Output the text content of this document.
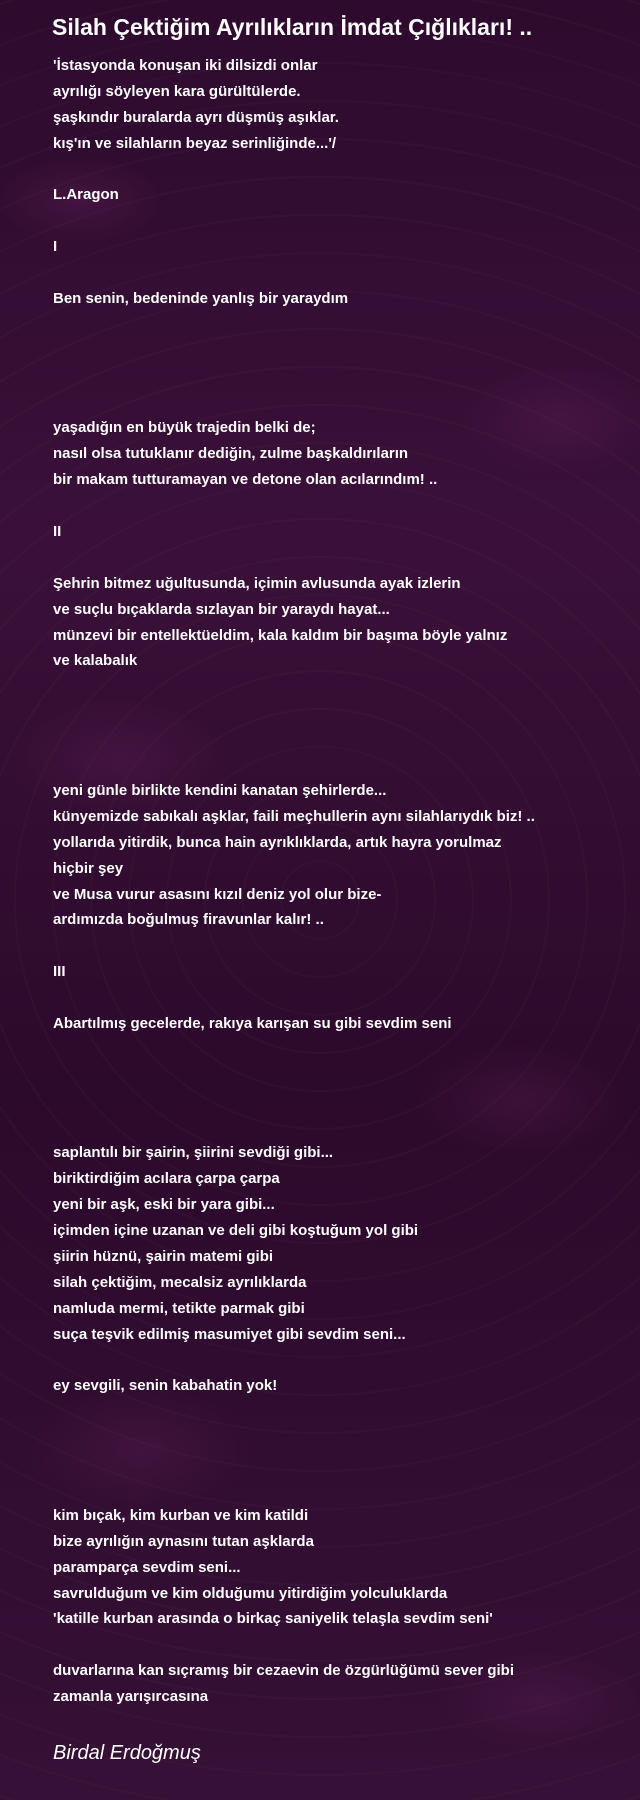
Silah Çektiğim Ayrılıkların İmdat Çığlıkları! ..
'İstasyonda konuşan iki dilsizdi onlar
ayrılığı söyleyen kara gürültülerde.
şaşkındır buralarda ayrı düşmüş aşıklar.
kış'ın ve silahların beyaz serinliğinde...'/
L.Aragon
I
Ben senin, bedeninde yanlış bir yaraydım
yaşadığın en büyük trajedin belki de;
nasıl olsa tutuklanır dediğin, zulme başkaldırıların
bir makam tutturamayan ve detone olan acılarındım! ..
II
Şehrin bitmez uğultusunda, içimin avlusunda ayak izlerin
ve suçlu bıçaklarda sızlayan bir yaraydı hayat...
münzevi bir entellektüeldim, kala kaldım bir başıma böyle yalnız
ve kalabalık
yeni günle birlikte kendini kanatan şehirlerde...
künyemizde sabıkalı aşklar, faili meçhullerin aynı silahlarıydık biz! ..
yollarıda yitirdik, bunca hain ayrıklıklarda, artık hayra yorulmaz
hiçbir şey
ve Musa vurur asasını kızıl deniz yol olur bize-
ardımızda boğulmuş firavunlar kalır! ..
III
Abartılmış gecelerde, rakıya karışan su gibi sevdim seni
saplantılı bir şairin, şiirini sevdiği gibi...
biriktirdiğim acılara çarpa çarpa
yeni bir aşk, eski bir yara gibi...
içimden içine uzanan ve deli gibi koştuğum yol gibi
şiirin hüznü, şairin matemi gibi
silah çektiğim, mecalsiz ayrılıklarda
namluda mermi, tetikte parmak gibi
suça teşvik edilmiş masumiyet gibi sevdim seni...
ey sevgili, senin kabahatin yok!
kim bıçak, kim kurban ve kim katildi
bize ayrılığın aynasını tutan aşklarda
paramparça sevdim seni...
savrulduğum ve kim olduğumu yitirdiğim yolculuklarda
'katille kurban arasında o birkaç saniyelik telaşla sevdim seni'
duvarlarına kan sıçramış bir cezaevin de özgürlüğümü sever gibi
zamanla yarışırcasına
Birdal Erdoğmuş
